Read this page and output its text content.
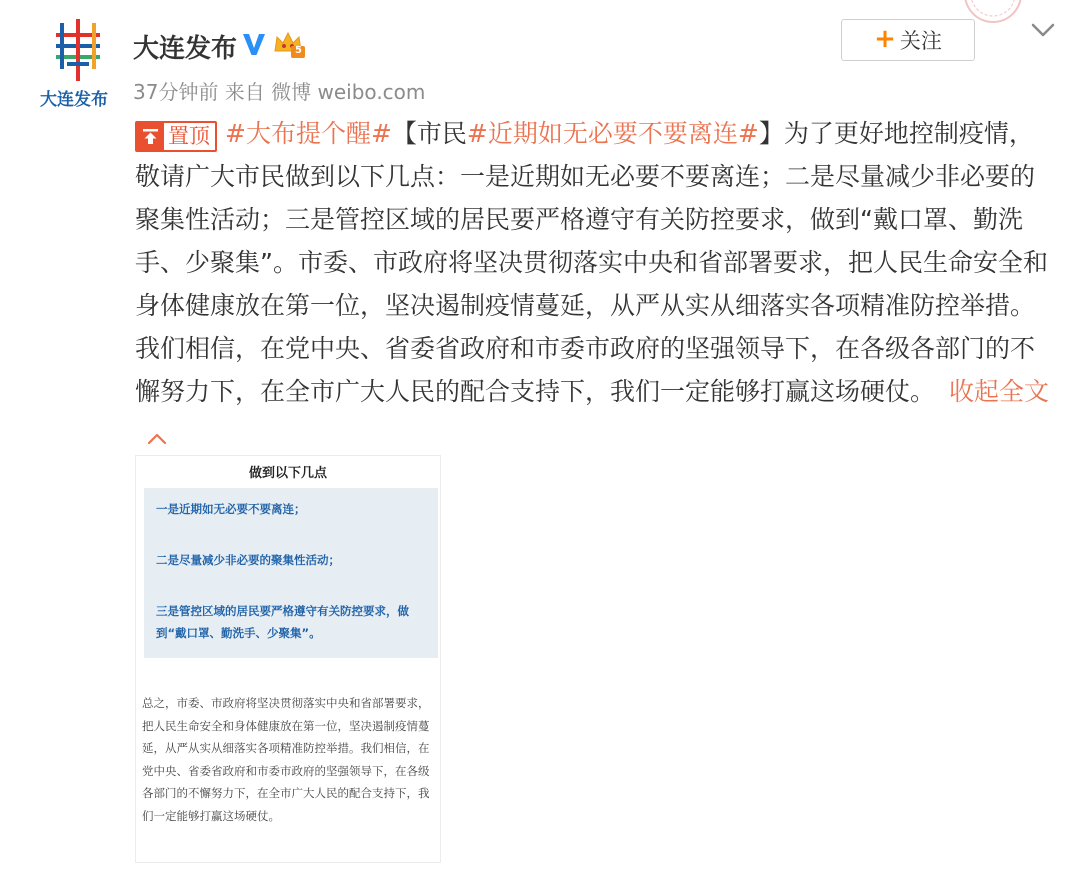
大连发布
大连发布	5
37分钟前 来自 微博 weibo.com
+ 关注
置顶 #大布提个醒#【市民#近期如无必要不要离连#】为了更好地控制疫情，敬请广大市民做到以下几点：一是近期如无必要不要离连；二是尽量减少非必要的聚集性活动；三是管控区域的居民要严格遵守有关防控要求，做到“戴口罩、勤洗手、少聚集”。市委、市政府将坚决贯彻落实中央和省部署要求，把人民生命安全和身体健康放在第一位，坚决遏制疫情蔓延，从严从实从细落实各项精准防控举措。我们相信，在党中央、省委省政府和市委市政府的坚强领导下，在各级各部门的不懈努力下，在全市广大人民的配合支持下，我们一定能够打赢这场硬仗。 收起全文
做到以下几点
一是近期如无必要不要离连；
二是尽量减少非必要的聚集性活动；
三是管控区域的居民要严格遵守有关防控要求，做到“戴口罩、勤洗手、少聚集”。
总之，市委、市政府将坚决贯彻落实中央和省部署要求，把人民生命安全和身体健康放在第一位，坚决遏制疫情蔓延，从严从实从细落实各项精准防控举措。我们相信，在党中央、省委省政府和市委市政府的坚强领导下，在各级各部门的不懈努力下，在全市广大人民的配合支持下，我们一定能够打赢这场硬仗。
